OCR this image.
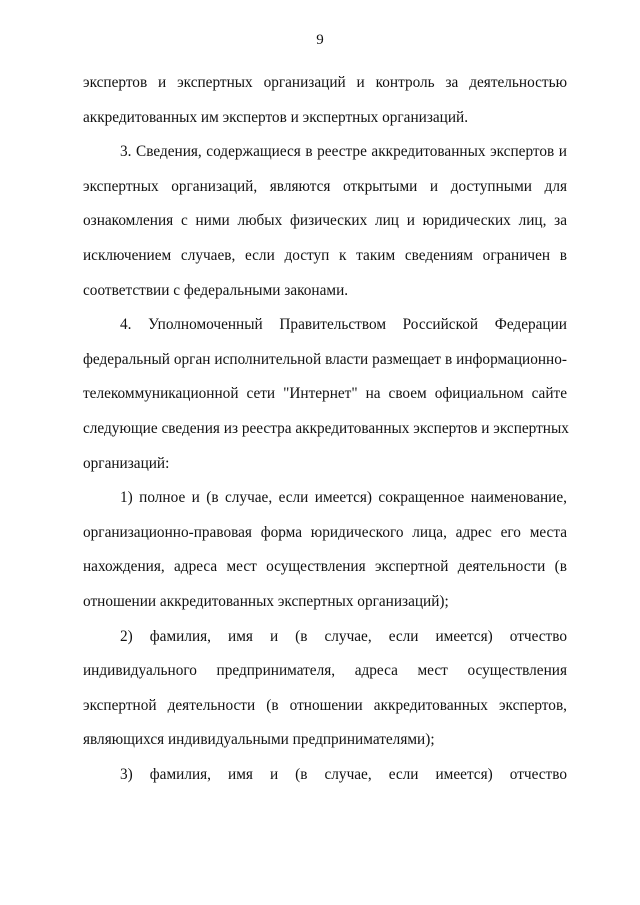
9
экспертов и экспертных организаций и контроль за деятельностью
аккредитованных им экспертов и экспертных организаций.
3. Сведения, содержащиеся в реестре аккредитованных экспертов и
экспертных организаций, являются открытыми и доступными для
ознакомления с ними любых физических лиц и юридических лиц, за
исключением случаев, если доступ к таким сведениям ограничен в
соответствии с федеральными законами.
4. Уполномоченный Правительством Российской Федерации
федеральный орган исполнительной власти размещает в информационно-
телекоммуникационной сети "Интернет" на своем официальном сайте
следующие сведения из реестра аккредитованных экспертов и экспертных
организаций:
1) полное и (в случае, если имеется) сокращенное наименование,
организационно-правовая форма юридического лица, адрес его места
нахождения, адреса мест осуществления экспертной деятельности (в
отношении аккредитованных экспертных организаций);
2) фамилия, имя и (в случае, если имеется) отчество
индивидуального предпринимателя, адреса мест осуществления
экспертной деятельности (в отношении аккредитованных экспертов,
являющихся индивидуальными предпринимателями);
3) фамилия, имя и (в случае, если имеется) отчество
